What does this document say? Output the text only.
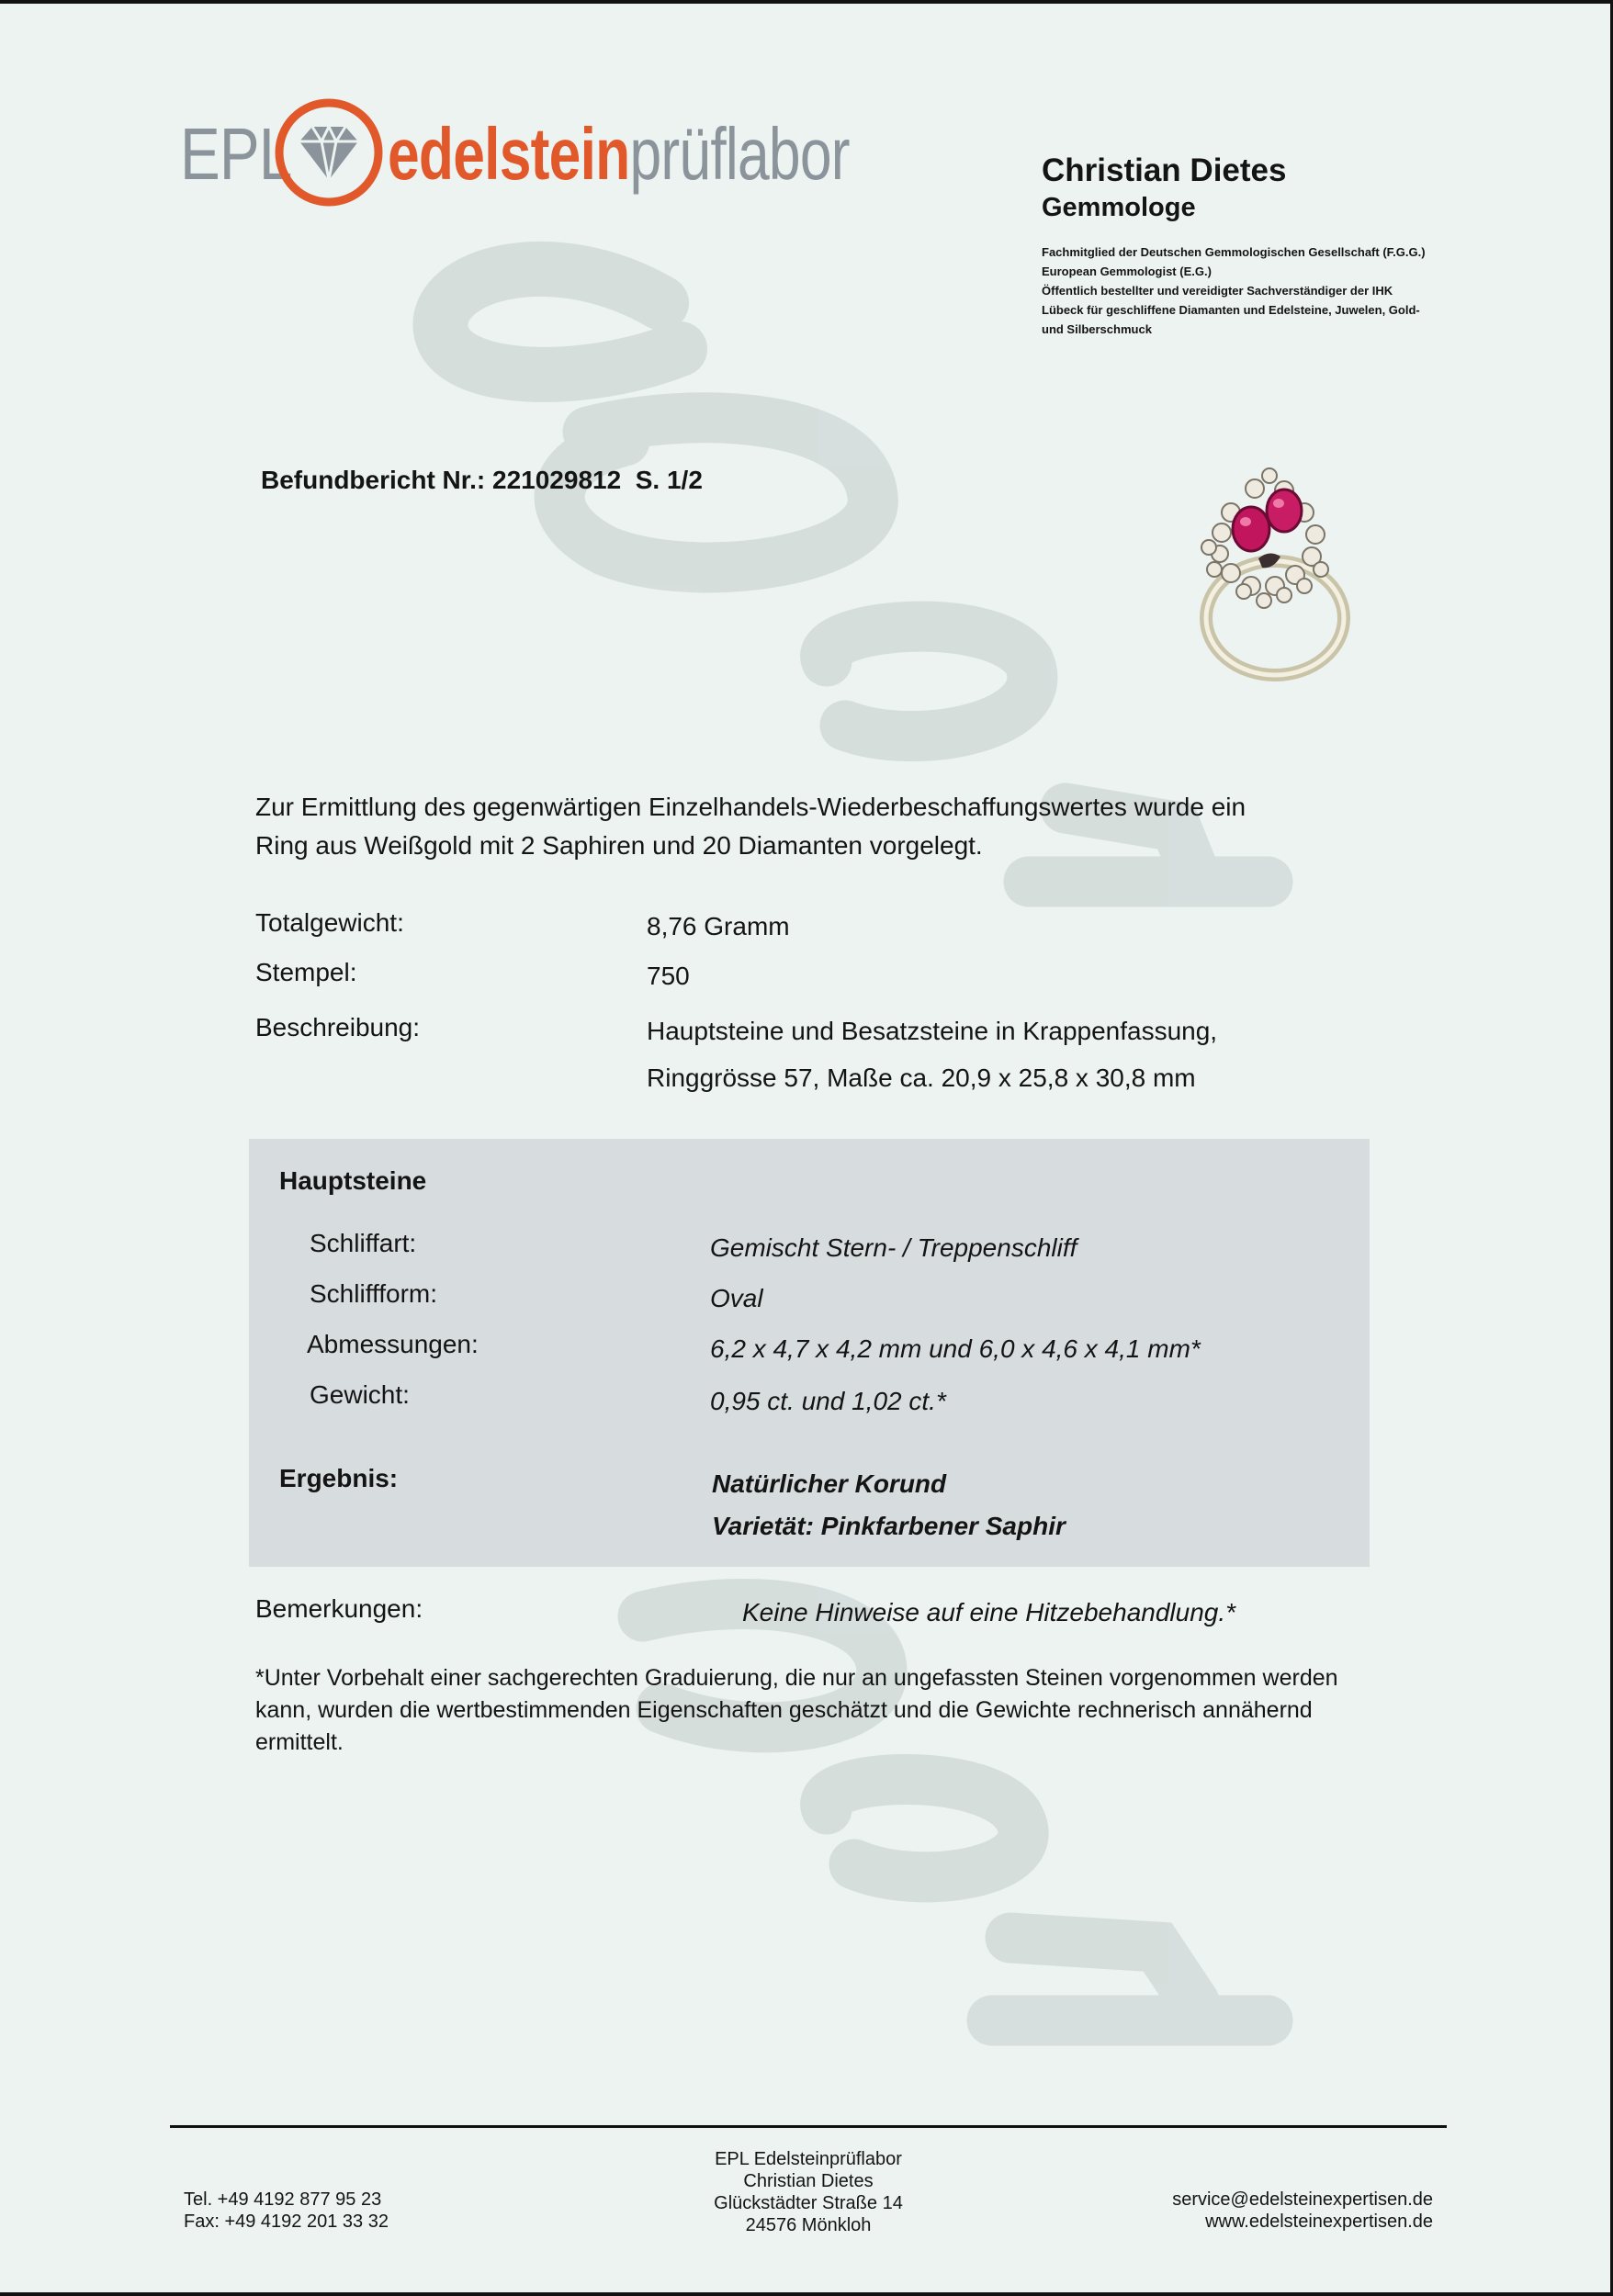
EPL edelsteinprüflabor	Christian Dietes
Gemmologe
Fachmitglied der Deutschen Gemmologischen Gesellschaft (F.G.G.)
European Gemmologist (E.G.)
Öffentlich bestellter und vereidigter Sachverständiger der IHK
Lübeck für geschliffene Diamanten und Edelsteine, Juwelen, Gold-
und Silberschmuck
Befundbericht Nr.: 221029812 S. 1/2
Zur Ermittlung des gegenwärtigen Einzelhandels-Wiederbeschaffungswertes wurde ein
Ring aus Weißgold mit 2 Saphiren und 20 Diamanten vorgelegt.
Totalgewicht:	8,76 Gramm
Stempel:	750
Beschreibung:	Hauptsteine und Besatzsteine in Krappenfassung,
Ringgrösse 57, Maße ca. 20,9 x 25,8 x 30,8 mm
Hauptsteine
Schliffart:	Gemischt Stern- / Treppenschliff
Schliffform:	Oval
Abmessungen:	6,2 x 4,7 x 4,2 mm und 6,0 x 4,6 x 4,1 mm*
Gewicht:	0,95 ct. und 1,02 ct.*
Ergebnis:	Natürlicher Korund
Varietät: Pinkfarbener Saphir
Bemerkungen:	Keine Hinweise auf eine Hitzebehandlung.*
*Unter Vorbehalt einer sachgerechten Graduierung, die nur an ungefassten Steinen vorgenommen werden
kann, wurden die wertbestimmenden Eigenschaften geschätzt und die Gewichte rechnerisch annähernd
ermittelt.
Tel. +49 4192 877 95 23
Fax: +49 4192 201 33 32
EPL Edelsteinprüflabor
Christian Dietes
Glückstädter Straße 14
24576 Mönkloh
service@edelsteinexpertisen.de
www.edelsteinexpertisen.de
